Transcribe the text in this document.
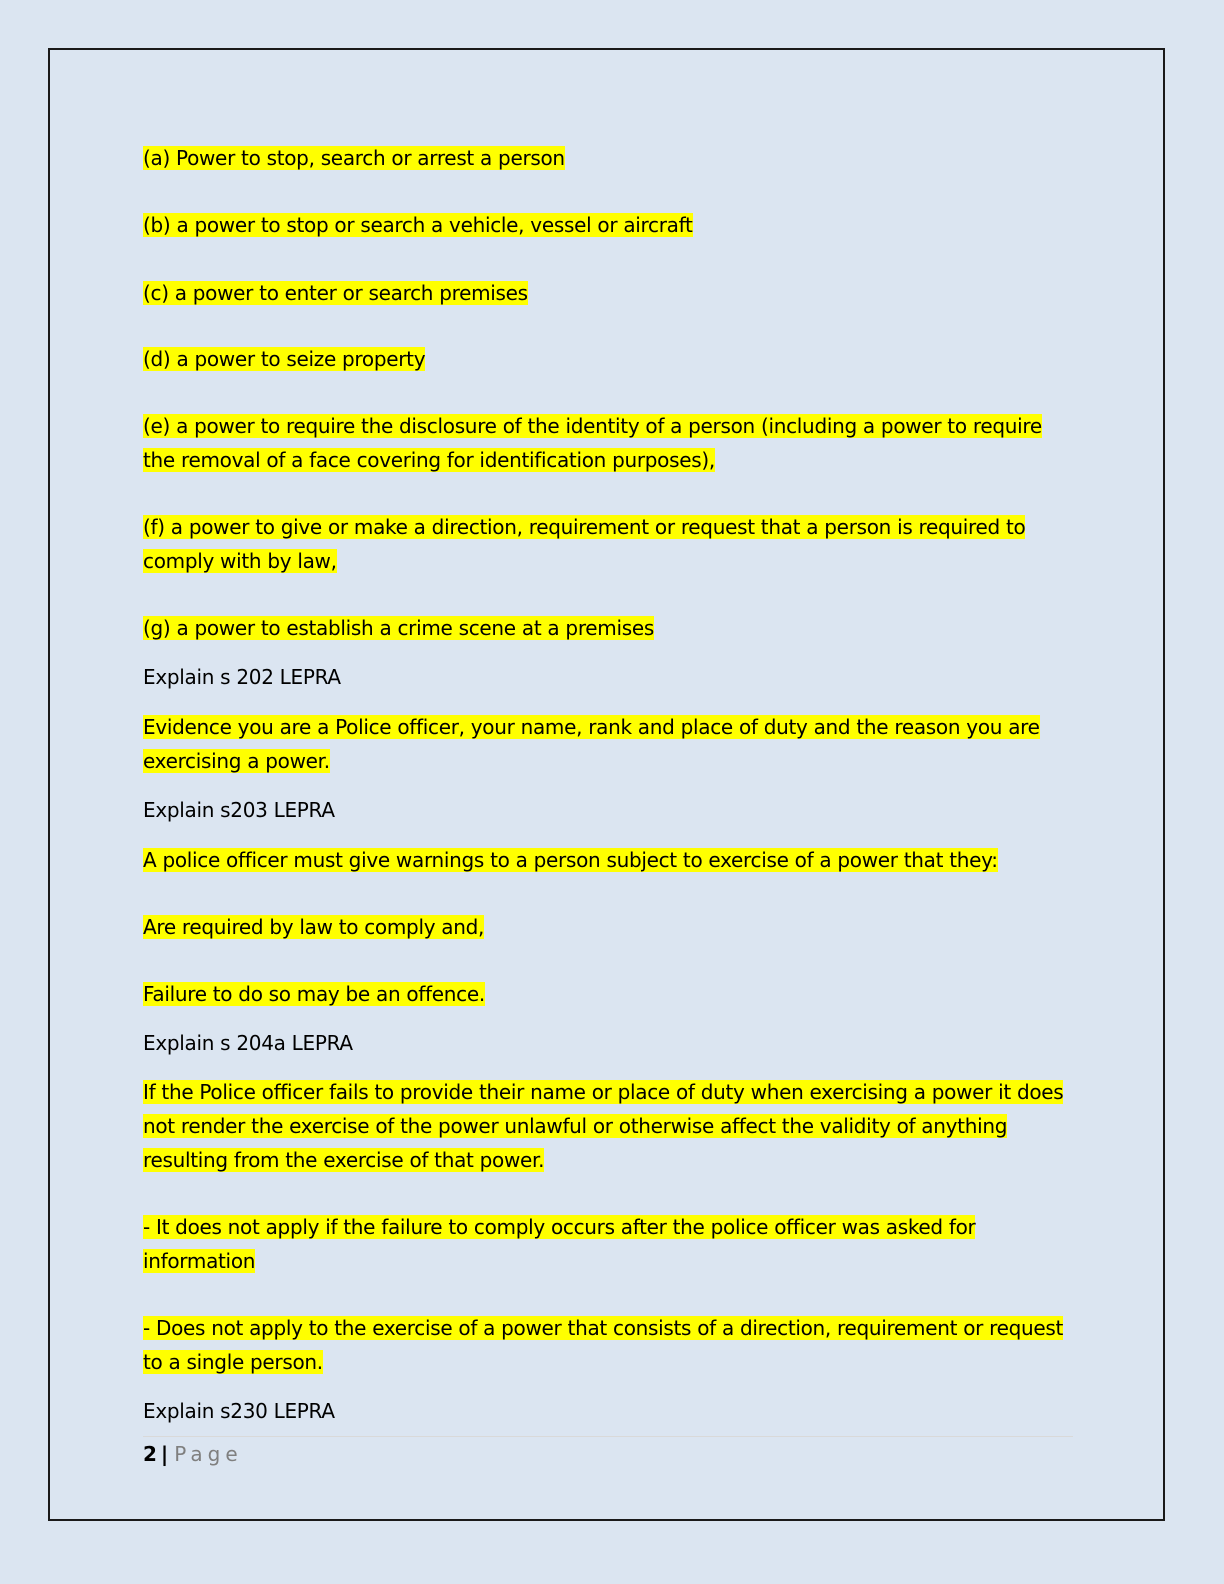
(a) Power to stop, search or arrest a person
(b) a power to stop or search a vehicle, vessel or aircraft
(c) a power to enter or search premises
(d) a power to seize property
(e) a power to require the disclosure of the identity of a person (including a power to require
the removal of a face covering for identification purposes),
(f) a power to give or make a direction, requirement or request that a person is required to
comply with by law,
(g) a power to establish a crime scene at a premises
Explain s 202 LEPRA
Evidence you are a Police officer, your name, rank and place of duty and the reason you are
exercising a power.
Explain s203 LEPRA
A police officer must give warnings to a person subject to exercise of a power that they:
Are required by law to comply and,
Failure to do so may be an offence.
Explain s 204a LEPRA
If the Police officer fails to provide their name or place of duty when exercising a power it does
not render the exercise of the power unlawful or otherwise affect the validity of anything
resulting from the exercise of that power.
- It does not apply if the failure to comply occurs after the police officer was asked for
information
- Does not apply to the exercise of a power that consists of a direction, requirement or request
to a single person.
Explain s230 LEPRA
2 | Page
